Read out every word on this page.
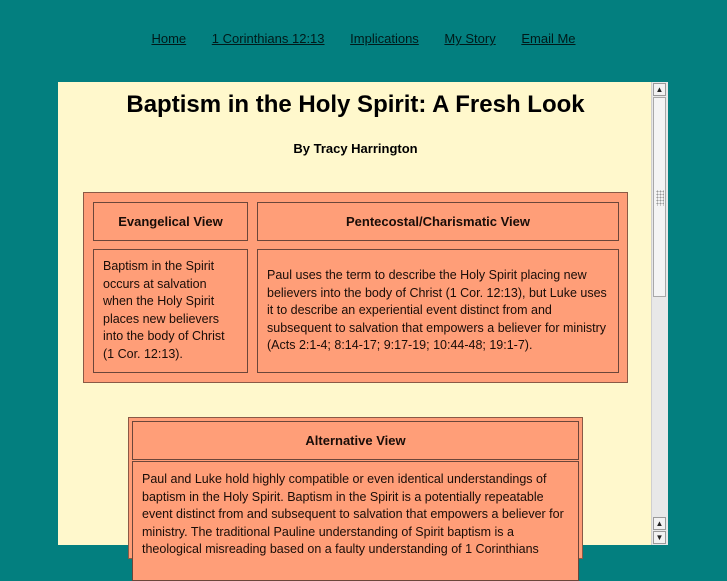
Home 1 Corinthians 12:13 Implications My Story Email Me
Baptism in the Holy Spirit: A Fresh Look
By Tracy Harrington
Evangelical View	Pentecostal/Charismatic View
Baptism in the Spirit occurs at salvation when the Holy Spirit places new believers into the body of Christ (1 Cor. 12:13).
Paul uses the term to describe the Holy Spirit placing new believers into the body of Christ (1 Cor. 12:13), but Luke uses it to describe an experiential event distinct from and subsequent to salvation that empowers a believer for ministry (Acts 2:1-4; 8:14-17; 9:17-19; 10:44-48; 19:1-7).
Alternative View
Paul and Luke hold highly compatible or even identical understandings of baptism in the Holy Spirit. Baptism in the Spirit is a potentially repeatable event distinct from and subsequent to salvation that empowers a believer for ministry. The traditional Pauline understanding of Spirit baptism is a theological misreading based on a faulty understanding of 1 Corinthians
▲
▼
▲
